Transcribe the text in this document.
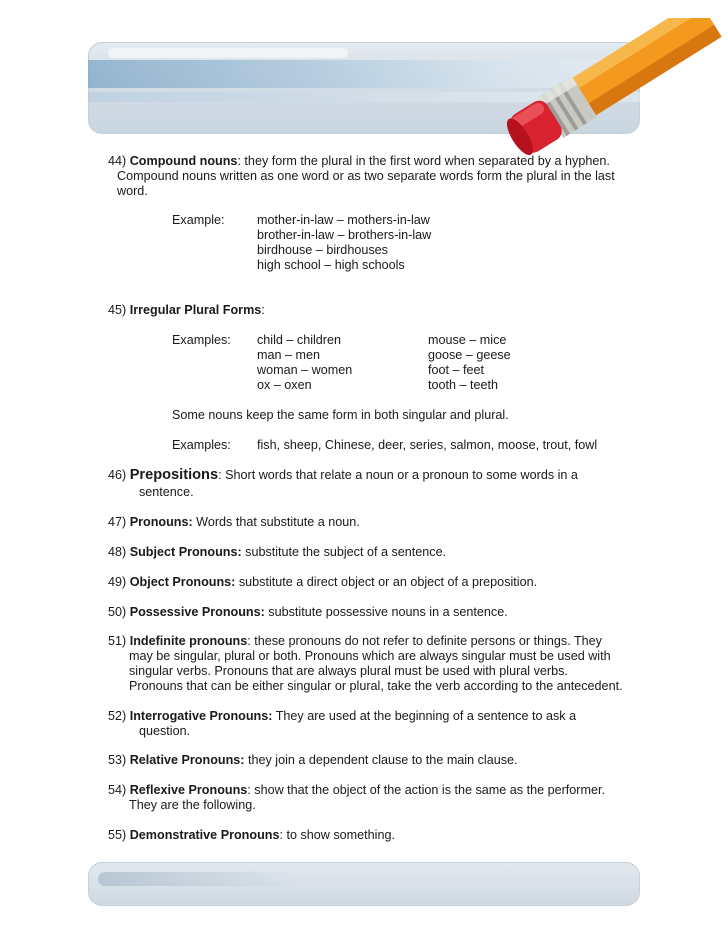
44) Compound nouns: they form the plural in the first word when separated by a hyphen.
Compound nouns written as one word or as two separate words form the plural in the last
word.
Example:	mother-in-law – mothers-in-law
brother-in-law – brothers-in-law
birdhouse – birdhouses
high school – high schools
45) Irregular Plural Forms:
Examples: child – children
man – men
woman – women
ox – oxen
mouse – mice
goose – geese
foot – feet
tooth – teeth
Some nouns keep the same form in both singular and plural.
Examples: fish, sheep, Chinese, deer, series, salmon, moose, trout, fowl
46) Prepositions: Short words that relate a noun or a pronoun to some words in a
sentence.
47) Pronouns: Words that substitute a noun.
48) Subject Pronouns: substitute the subject of a sentence.
49) Object Pronouns: substitute a direct object or an object of a preposition.
50) Possessive Pronouns: substitute possessive nouns in a sentence.
51) Indefinite pronouns: these pronouns do not refer to definite persons or things. They
may be singular, plural or both. Pronouns which are always singular must be used with
singular verbs. Pronouns that are always plural must be used with plural verbs.
Pronouns that can be either singular or plural, take the verb according to the antecedent.
52) Interrogative Pronouns: They are used at the beginning of a sentence to ask a
question.
53) Relative Pronouns: they join a dependent clause to the main clause.
54) Reflexive Pronouns: show that the object of the action is the same as the performer.
They are the following.
55) Demonstrative Pronouns: to show something.
